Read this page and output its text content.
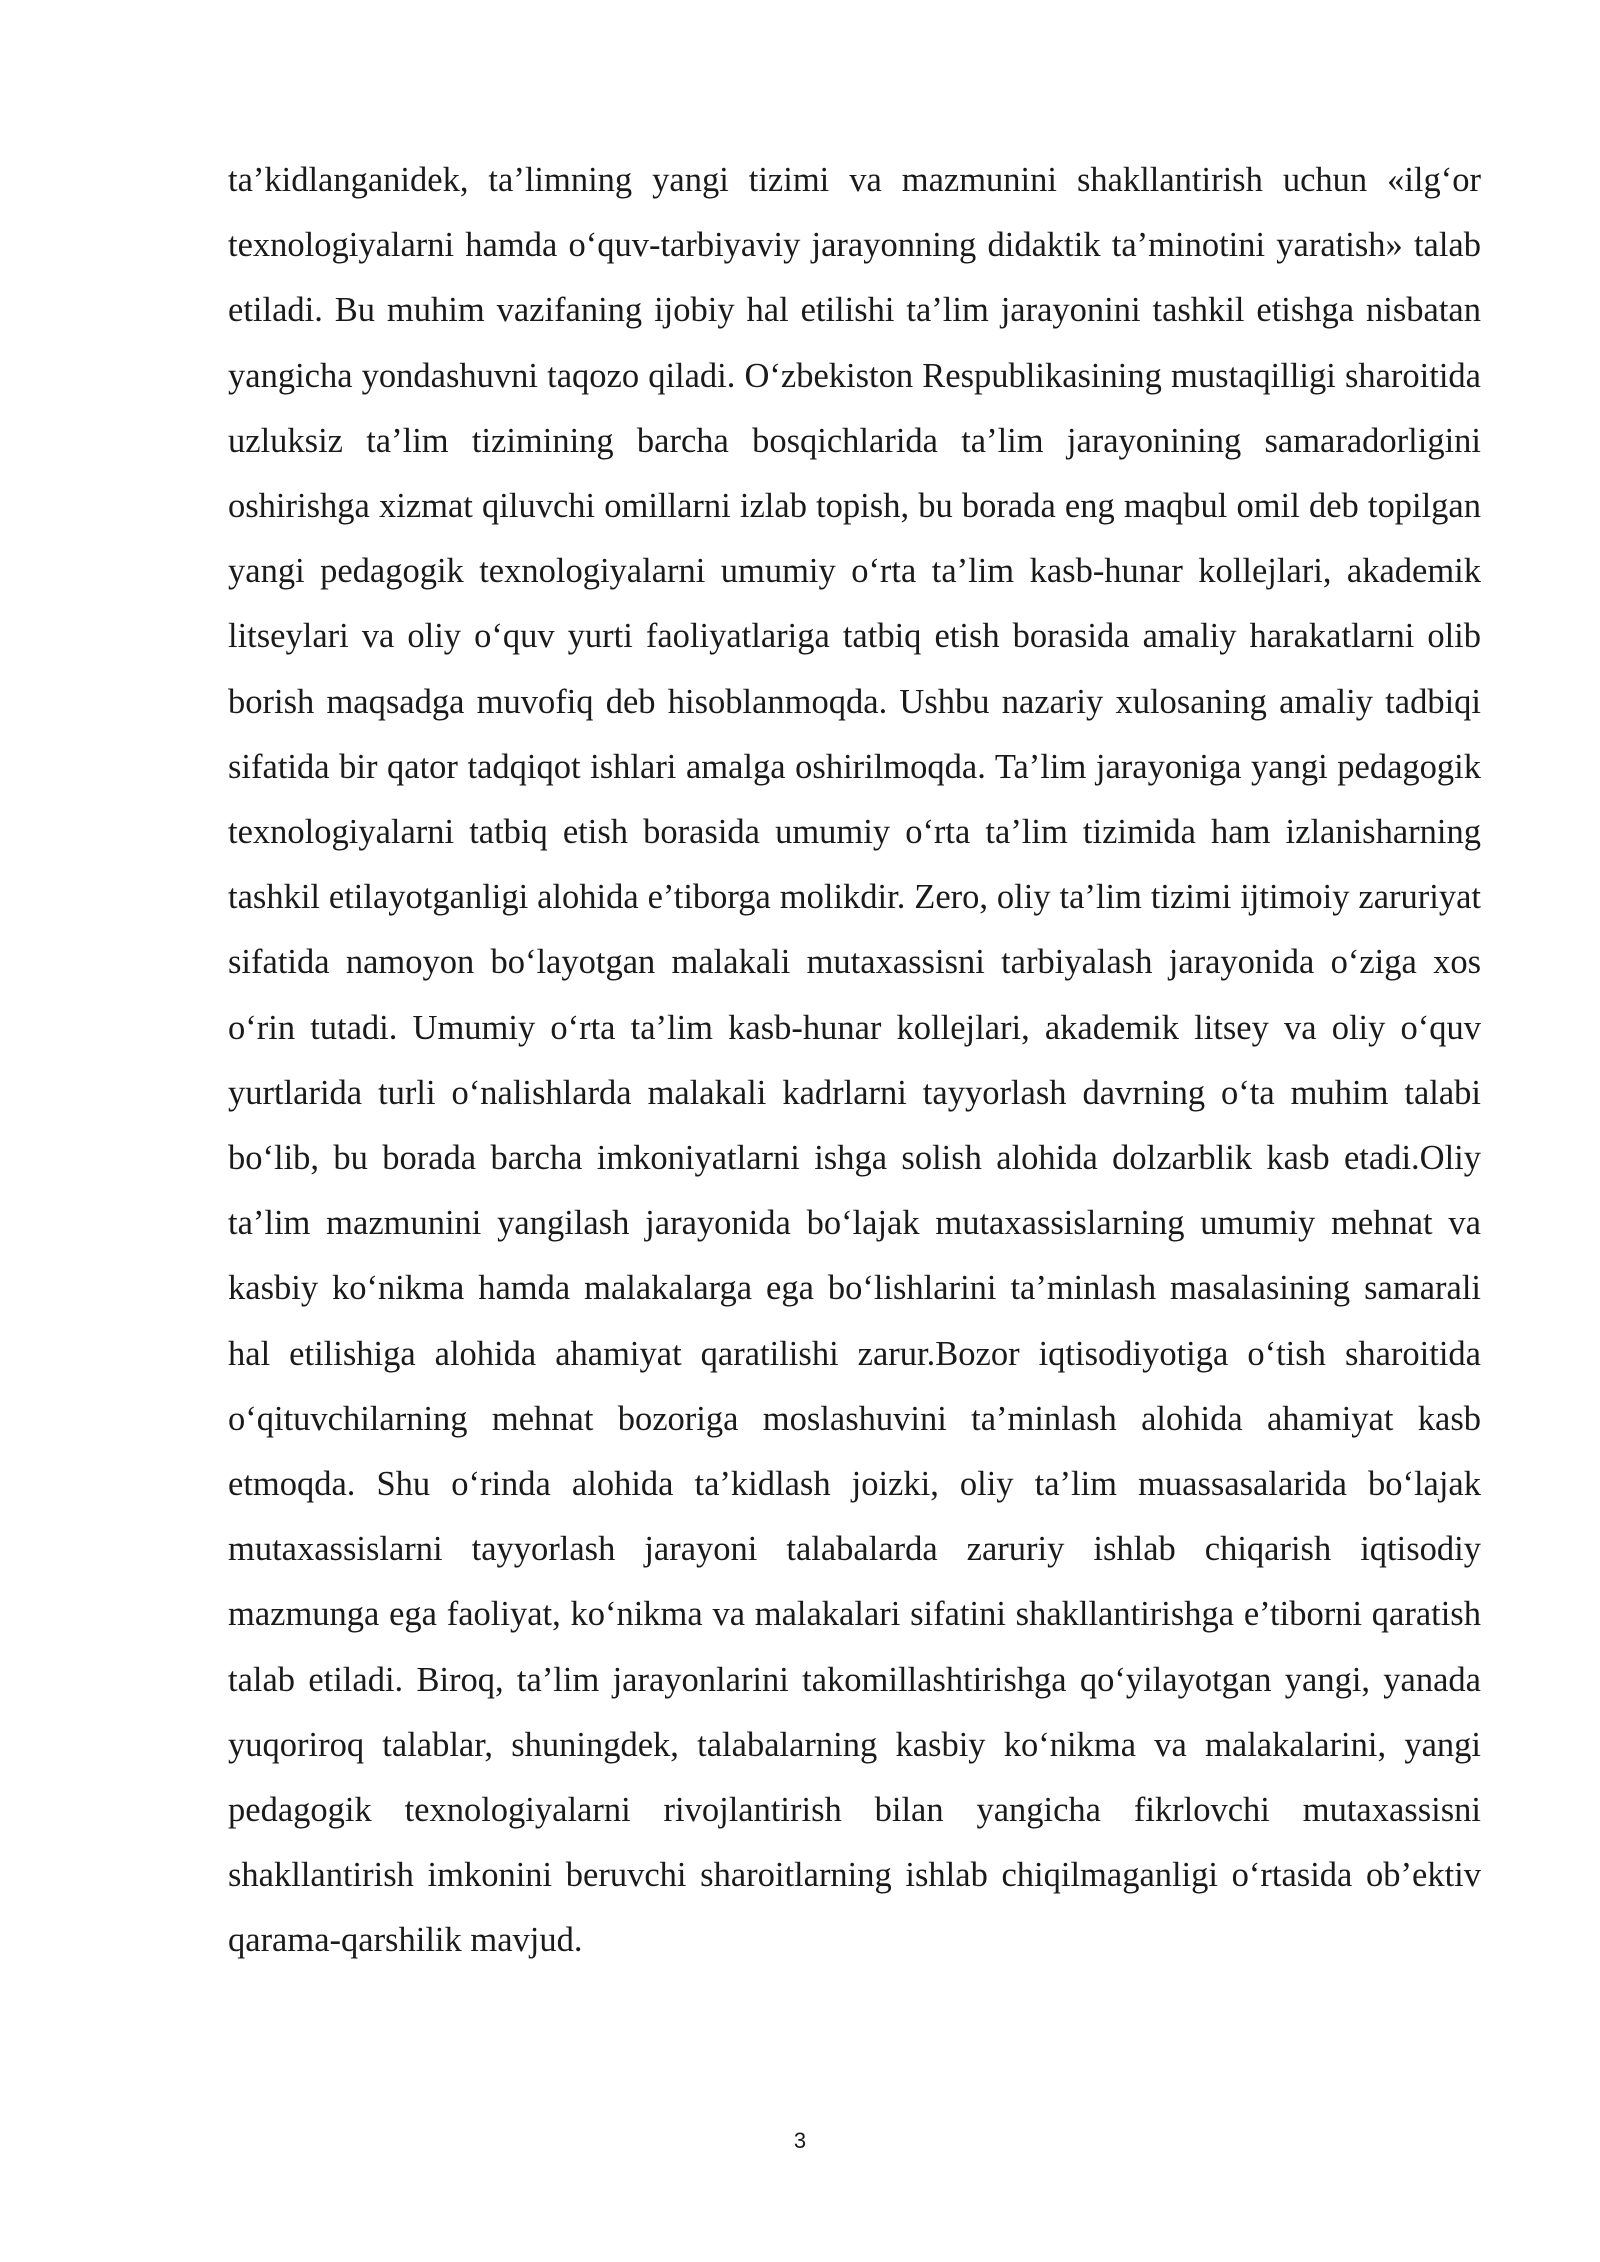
ta’kidlanganidek, ta’limning yangi tizimi va mazmunini shakllantirish uchun «ilg‘or texnologiyalarni hamda o‘quv-tarbiyaviy jarayonning didaktik ta’minotini yaratish» talab etiladi. Bu muhim vazifaning ijobiy hal etilishi ta’lim jarayonini tashkil etishga nisbatan yangicha yondashuvni taqozo qiladi. O‘zbekiston Respublikasining mustaqilligi sharoitida uzluksiz ta’lim tizimining barcha bosqichlarida ta’lim jarayonining samaradorligini oshirishga xizmat qiluvchi omillarni izlab topish, bu borada eng maqbul omil deb topilgan yangi pedagogik texnologiyalarni umumiy o‘rta ta’lim kasb-hunar kollejlari, akademik litseylari va oliy o‘quv yurti faoliyatlariga tatbiq etish borasida amaliy harakatlarni olib borish maqsadga muvofiq deb hisoblanmoqda. Ushbu nazariy xulosaning amaliy tadbiqi sifatida bir qator tadqiqot ishlari amalga oshirilmoqda. Ta’lim jarayoniga yangi pedagogik texnologiyalarni tatbiq etish borasida umumiy o‘rta ta’lim tizimida ham izlanisharning tashkil etilayotganligi alohida e’tiborga molikdir. Zero, oliy ta’lim tizimi ijtimoiy zaruriyat sifatida namoyon bo‘layotgan malakali mutaxassisni tarbiyalash jarayonida o‘ziga xos o‘rin tutadi. Umumiy o‘rta ta’lim kasb-hunar kollejlari, akademik litsey va oliy o‘quv yurtlarida turli o‘nalishlarda malakali kadrlarni tayyorlash davrning o‘ta muhim talabi bo‘lib, bu borada barcha imkoniyatlarni ishga solish alohida dolzarblik kasb etadi.Oliy ta’lim mazmunini yangilash jarayonida bo‘lajak mutaxassislarning umumiy mehnat va kasbiy ko‘nikma hamda malakalarga ega bo‘lishlarini ta’minlash masalasining samarali hal etilishiga alohida ahamiyat qaratilishi zarur.Bozor iqtisodiyotiga o‘tish sharoitida o‘qituvchilarning mehnat bozoriga moslashuvini ta’minlash alohida ahamiyat kasb etmoqda. Shu o‘rinda alohida ta’kidlash joizki, oliy ta’lim muassasalarida bo‘lajak mutaxassislarni tayyorlash jarayoni talabalarda zaruriy ishlab chiqarish iqtisodiy mazmunga ega faoliyat, ko‘nikma va malakalari sifatini shakllantirishga e’tiborni qaratish talab etiladi. Biroq, ta’lim jarayonlarini takomillashtirishga qo‘yilayotgan yangi, yanada yuqoriroq talablar, shuningdek, talabalarning kasbiy ko‘nikma va malakalarini, yangi pedagogik texnologiyalarni rivojlantirish bilan yangicha fikrlovchi mutaxassisni shakllantirish imkonini beruvchi sharoitlarning ishlab chiqilmaganligi o‘rtasida ob’ektiv qarama-qarshilik mavjud.

3
